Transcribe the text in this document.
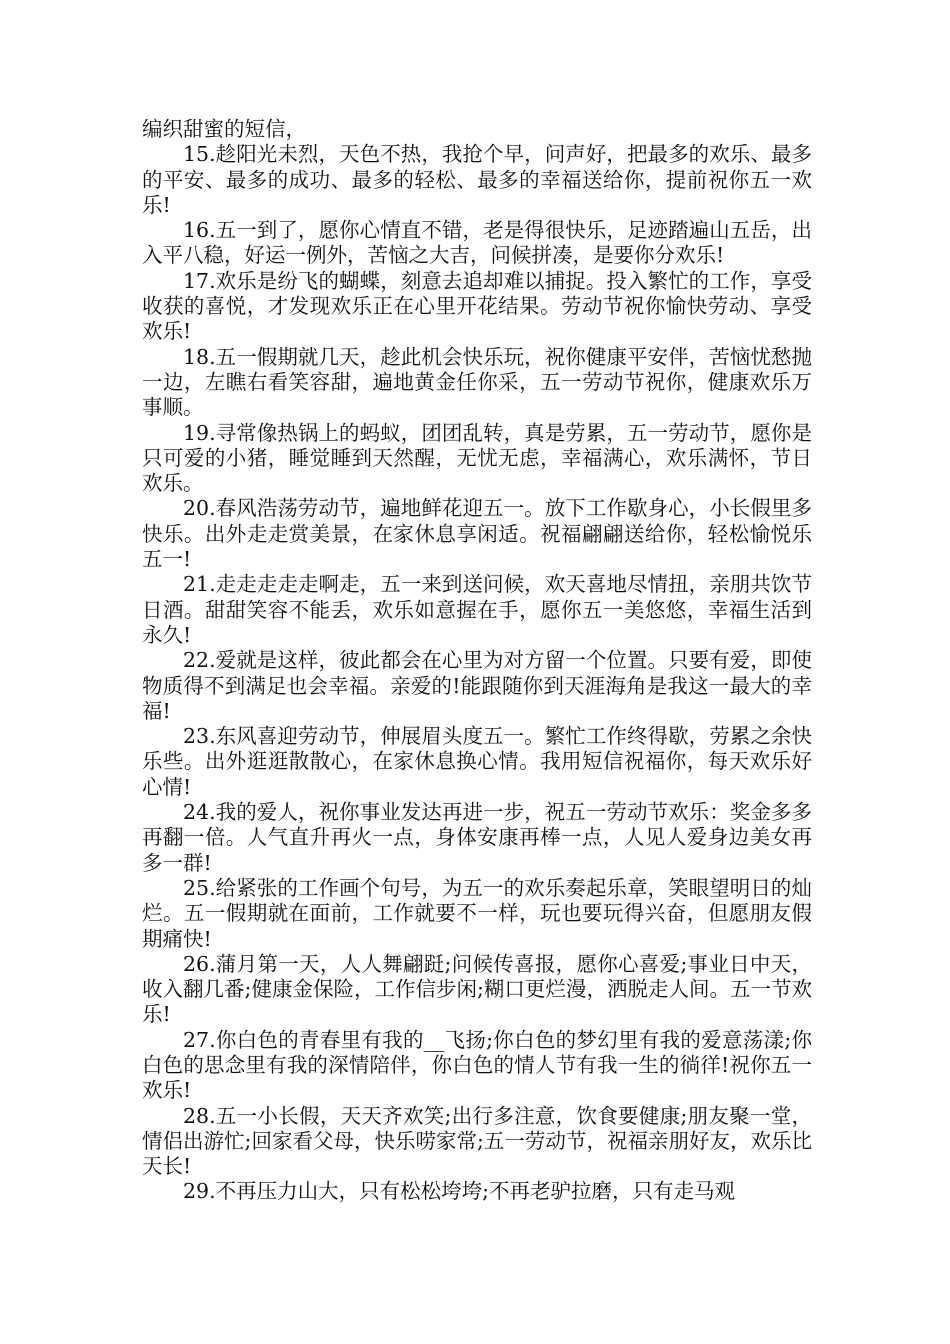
编织甜蜜的短信，

15.趁阳光未烈，天色不热，我抢个早，问声好，把最多的欢乐、最多的平安、最多的成功、最多的轻松、最多的幸福送给你，提前祝你五一欢乐!

16.五一到了，愿你心情直不错，老是得很快乐，足迹踏遍山五岳，出入平八稳，好运一例外，苦恼之大吉，问候拼凑，是要你分欢乐!

17.欢乐是纷飞的蝴蝶，刻意去追却难以捕捉。投入繁忙的工作，享受收获的喜悦，才发现欢乐正在心里开花结果。劳动节祝你愉快劳动、享受欢乐!

18.五一假期就几天，趁此机会快乐玩，祝你健康平安伴，苦恼忧愁抛一边，左瞧右看笑容甜，遍地黄金任你采，五一劳动节祝你，健康欢乐万事顺。

19.寻常像热锅上的蚂蚁，团团乱转，真是劳累，五一劳动节，愿你是只可爱的小猪，睡觉睡到天然醒，无忧无虑，幸福满心，欢乐满怀，节日欢乐。

20.春风浩荡劳动节，遍地鲜花迎五一。放下工作歇身心，小长假里多快乐。出外走走赏美景，在家休息享闲适。祝福翩翩送给你，轻松愉悦乐五一!

21.走走走走走啊走，五一来到送问候，欢天喜地尽情扭，亲朋共饮节日酒。甜甜笑容不能丢，欢乐如意握在手，愿你五一美悠悠，幸福生活到永久!

22.爱就是这样，彼此都会在心里为对方留一个位置。只要有爱，即使物质得不到满足也会幸福。亲爱的!能跟随你到天涯海角是我这一最大的幸福!

23.东风喜迎劳动节，伸展眉头度五一。繁忙工作终得歇，劳累之余快乐些。出外逛逛散散心，在家休息换心情。我用短信祝福你，每天欢乐好心情!

24.我的爱人，祝你事业发达再进一步，祝五一劳动节欢乐：奖金多多再翻一倍。人气直升再火一点，身体安康再棒一点，人见人爱身边美女再多一群!

25.给紧张的工作画个句号，为五一的欢乐奏起乐章，笑眼望明日的灿烂。五一假期就在面前，工作就要不一样，玩也要玩得兴奋，但愿朋友假期痛快!

26.蒲月第一天，人人舞翩跹;问候传喜报，愿你心喜爱;事业日中天，收入翻几番;健康金保险，工作信步闲;糊口更烂漫，洒脱走人间。五一节欢乐!

27.你白色的青春里有我的__飞扬;你白色的梦幻里有我的爱意荡漾;你白色的思念里有我的深情陪伴，你白色的情人节有我一生的徜徉!祝你五一欢乐!

28.五一小长假，天天齐欢笑;出行多注意，饮食要健康;朋友聚一堂，情侣出游忙;回家看父母，快乐唠家常;五一劳动节，祝福亲朋好友，欢乐比天长!

29.不再压力山大，只有松松垮垮;不再老驴拉磨，只有走马观
